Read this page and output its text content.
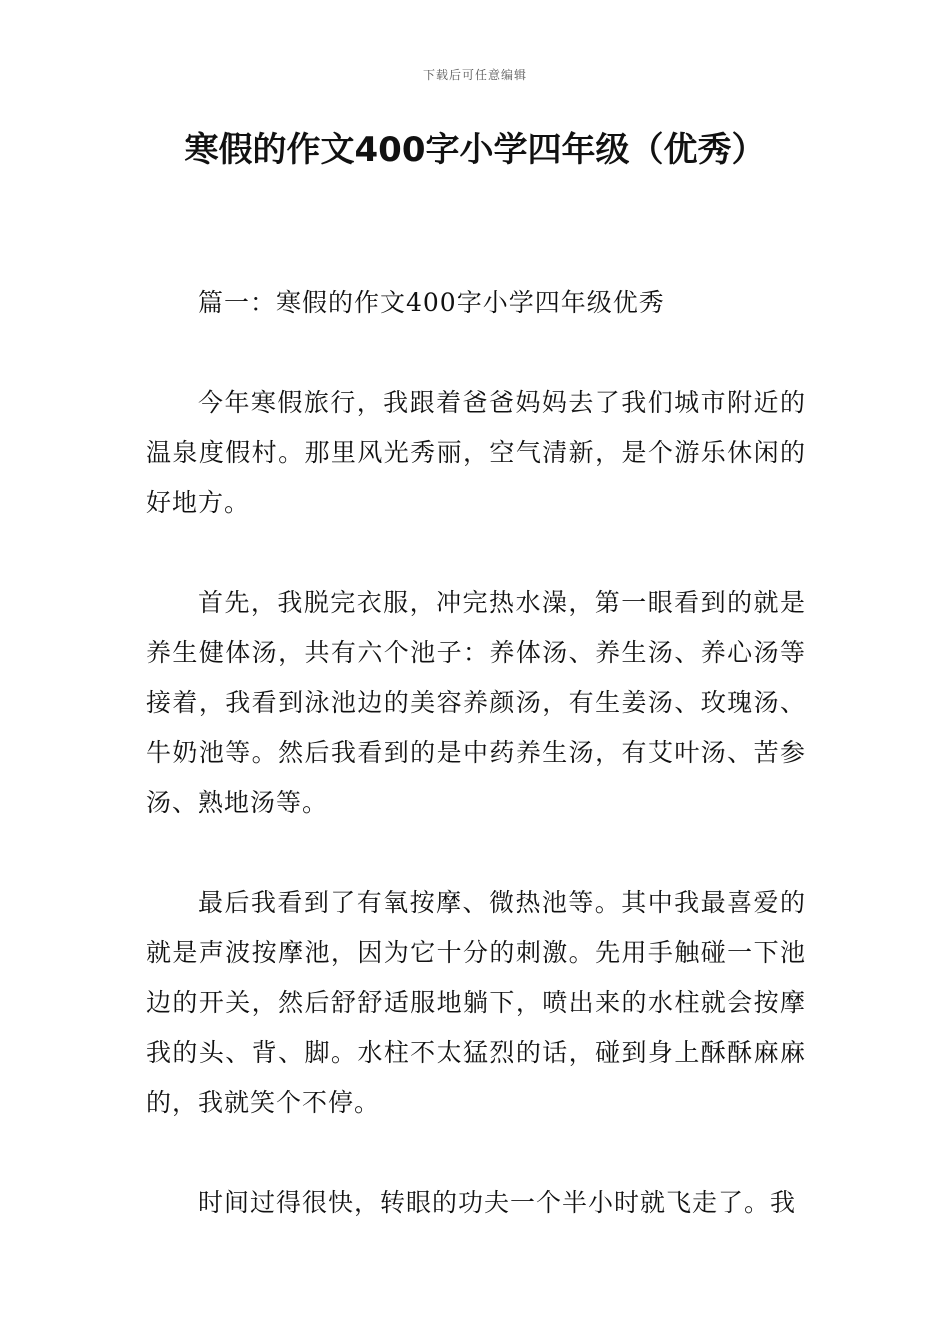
下载后可任意编辑
寒假的作文400字小学四年级（优秀）

篇一：寒假的作文400字小学四年级优秀

今年寒假旅行，我跟着爸爸妈妈去了我们城市附近的温泉度假村。那里风光秀丽，空气清新，是个游乐休闲的好地方。

首先，我脱完衣服，冲完热水澡，第一眼看到的就是养生健体汤，共有六个池子：养体汤、养生汤、养心汤等接着，我看到泳池边的美容养颜汤，有生姜汤、玫瑰汤、牛奶池等。然后我看到的是中药养生汤，有艾叶汤、苦参汤、熟地汤等。

最后我看到了有氧按摩、微热池等。其中我最喜爱的就是声波按摩池，因为它十分的刺激。先用手触碰一下池边的开关，然后舒舒适服地躺下，喷出来的水柱就会按摩我的头、背、脚。水柱不太猛烈的话，碰到身上酥酥麻麻的，我就笑个不停。

时间过得很快，转眼的功夫一个半小时就飞走了。我
